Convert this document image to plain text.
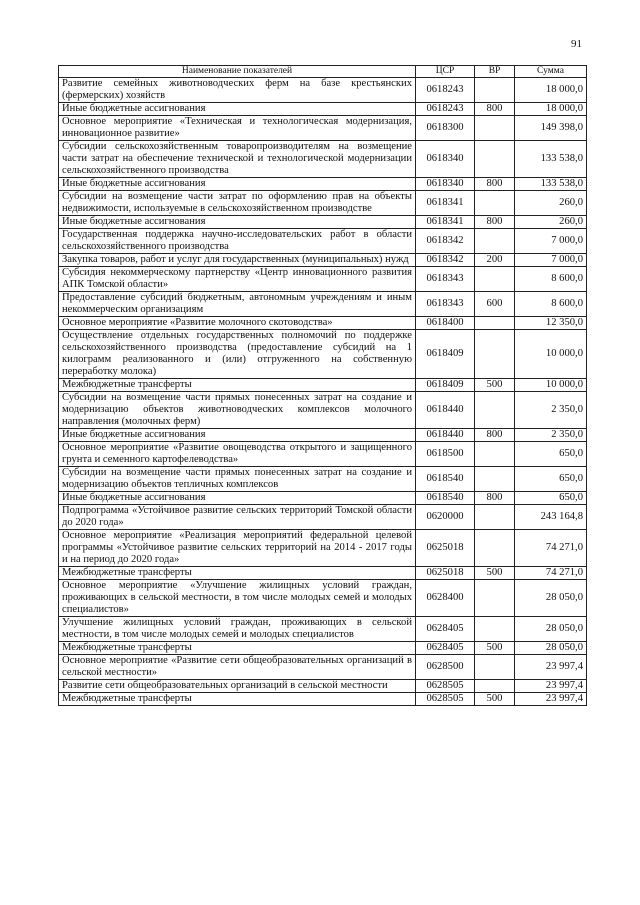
91
Наименование показателей	ЦСР	ВР	Сумма
Развитие семейных животноводческих ферм на базе крестьянских (фермерских) хозяйств	0618243		18 000,0
Иные бюджетные ассигнования	0618243	800	18 000,0
Основное мероприятие «Техническая и технологическая модернизация, инновационное развитие»	0618300		149 398,0
Субсидии сельскохозяйственным товаропроизводителям на возмещение части затрат на обеспечение технической и технологической модернизации сельскохозяйственного производства	0618340		133 538,0
Иные бюджетные ассигнования	0618340	800	133 538,0
Субсидии на возмещение части затрат по оформлению прав на объекты недвижимости, используемые в сельскохозяйственном производстве	0618341		260,0
Иные бюджетные ассигнования	0618341	800	260,0
Государственная поддержка научно-исследовательских работ в области сельскохозяйственного производства	0618342		7 000,0
Закупка товаров, работ и услуг для государственных (муниципальных) нужд	0618342	200	7 000,0
Субсидия некоммерческому партнерству «Центр инновационного развития АПК Томской области»	0618343		8 600,0
Предоставление субсидий бюджетным, автономным учреждениям и иным некоммерческим организациям	0618343	600	8 600,0
Основное мероприятие «Развитие молочного скотоводства»	0618400		12 350,0
Осуществление отдельных государственных полномочий по поддержке сельскохозяйственного производства (предоставление субсидий на 1 килограмм реализованного и (или) отгруженного на собственную переработку молока)	0618409		10 000,0
Межбюджетные трансферты	0618409	500	10 000,0
Субсидии на возмещение части прямых понесенных затрат на создание и модернизацию объектов животноводческих комплексов молочного направления (молочных ферм)	0618440		2 350,0
Иные бюджетные ассигнования	0618440	800	2 350,0
Основное мероприятие «Развитие овощеводства открытого и защищенного грунта и семенного картофелеводства»	0618500		650,0
Субсидии на возмещение части прямых понесенных затрат на создание и модернизацию объектов тепличных комплексов	0618540		650,0
Иные бюджетные ассигнования	0618540	800	650,0
Подпрограмма «Устойчивое развитие сельских территорий Томской области до 2020 года»	0620000		243 164,8
Основное мероприятие «Реализация мероприятий федеральной целевой программы «Устойчивое развитие сельских территорий на 2014 - 2017 годы и на период до 2020 года»	0625018		74 271,0
Межбюджетные трансферты	0625018	500	74 271,0
Основное мероприятие «Улучшение жилищных условий граждан, проживающих в сельской местности, в том числе молодых семей и молодых специалистов»	0628400		28 050,0
Улучшение жилищных условий граждан, проживающих в сельской местности, в том числе молодых семей и молодых специалистов	0628405		28 050,0
Межбюджетные трансферты	0628405	500	28 050,0
Основное мероприятие «Развитие сети общеобразовательных организаций в сельской местности»	0628500		23 997,4
Развитие сети общеобразовательных организаций в сельской местности	0628505		23 997,4
Межбюджетные трансферты	0628505	500	23 997,4
